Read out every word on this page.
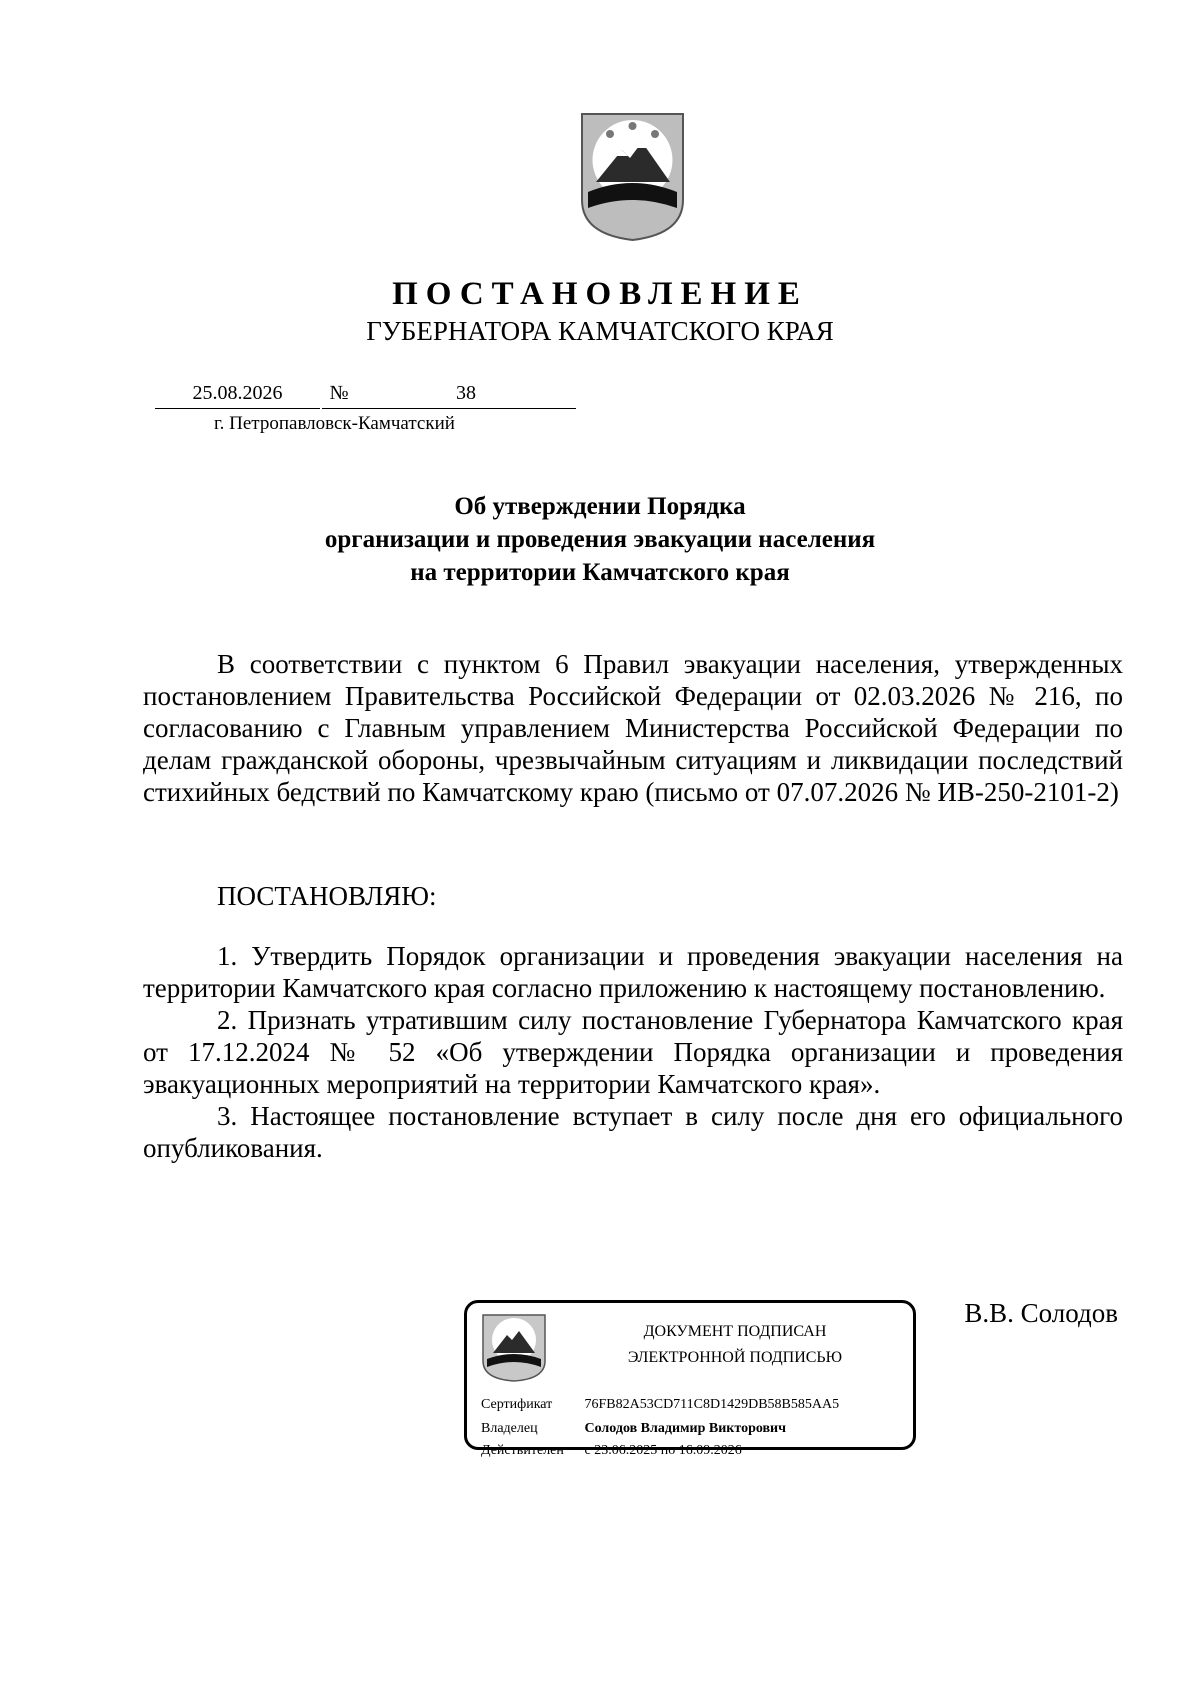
ПОСТАНОВЛЕНИЕ
ГУБЕРНАТОРА КАМЧАТСКОГО КРАЯ
25.08.2026	№	38
г. Петропавловск-Камчатский
Об утверждении Порядка
организации и проведения эвакуации населения
на территории Камчатского края

В соответствии с пунктом 6 Правил эвакуации населения, утвержденных постановлением Правительства Российской Федерации от 02.03.2026 № 216, по согласованию с Главным управлением Министерства Российской Федерации по делам гражданской обороны, чрезвычайным ситуациям и ликвидации последствий стихийных бедствий по Камчатскому краю (письмо от 07.07.2026 № ИВ-250-2101-2)

ПОСТАНОВЛЯЮ:

1. Утвердить Порядок организации и проведения эвакуации населения на территории Камчатского края согласно приложению к настоящему постановлению.

2. Признать утратившим силу постановление Губернатора Камчатского края от 17.12.2024 № 52 «Об утверждении Порядка организации и проведения эвакуационных мероприятий на территории Камчатского края».

3. Настоящее постановление вступает в силу после дня его официального опубликования.

ДОКУМЕНТ ПОДПИСАН
ЭЛЕКТРОННОЙ ПОДПИСЬЮ
Сертификат 76FB82A53CD711C8D1429DB58B585AA5
Владелец	Солодов Владимир Викторович
Действителен с 23.06.2025 по 16.09.2026
В.В. Солодов
